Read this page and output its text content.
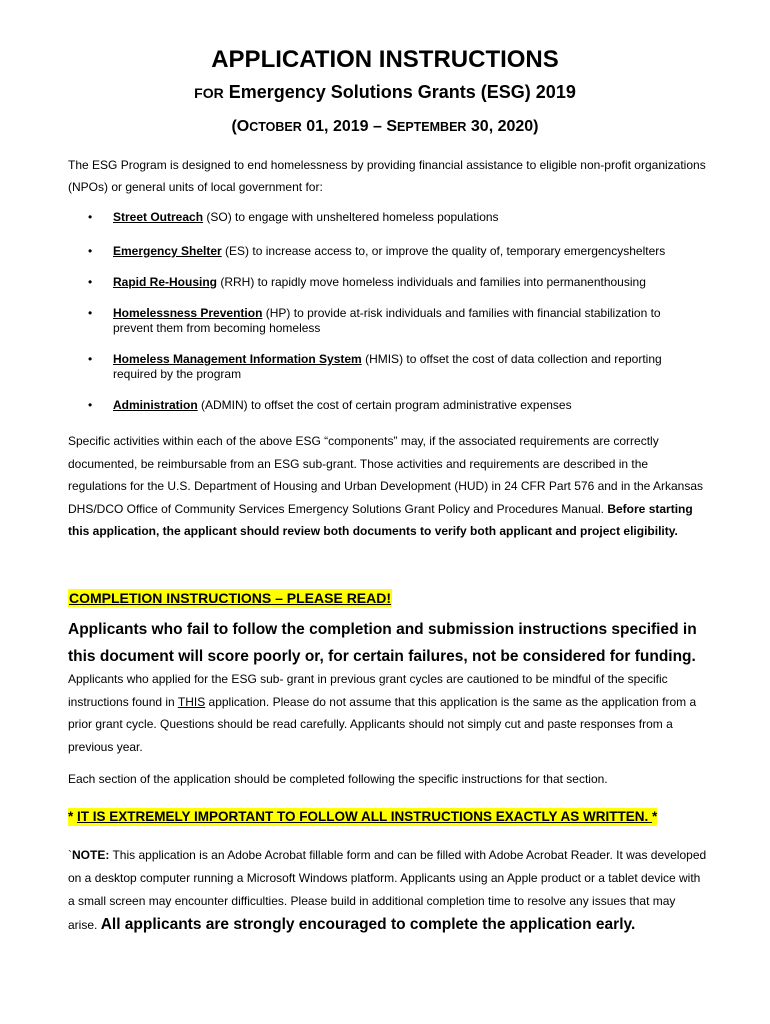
APPLICATION INSTRUCTIONS
FOR Emergency Solutions Grants (ESG) 2019
(OCTOBER 01, 2019 – SEPTEMBER 30, 2020)
The ESG Program is designed to end homelessness by providing financial assistance to eligible non-profit organizations (NPOs) or general units of local government for:
• Street Outreach (SO) to engage with unsheltered homeless populations
• Emergency Shelter (ES) to increase access to, or improve the quality of, temporary emergencyshelters
• Rapid Re-Housing (RRH) to rapidly move homeless individuals and families into permanenthousing
• Homelessness Prevention (HP) to provide at-risk individuals and families with financial stabilization to prevent them from becoming homeless
• Homeless Management Information System (HMIS) to offset the cost of data collection and reporting required by the program
• Administration (ADMIN) to offset the cost of certain program administrative expenses
Specific activities within each of the above ESG “components” may, if the associated requirements are correctly documented, be reimbursable from an ESG sub-grant. Those activities and requirements are described in the regulations for the U.S. Department of Housing and Urban Development (HUD) in 24 CFR Part 576 and in the Arkansas DHS/DCO Office of Community Services Emergency Solutions Grant Policy and Procedures Manual. Before starting this application, the applicant should review both documents to verify both applicant and project eligibility.
COMPLETION INSTRUCTIONS – PLEASE READ!
Applicants who fail to follow the completion and submission instructions specified in this document will score poorly or, for certain failures, not be considered for funding.
Applicants who applied for the ESG sub- grant in previous grant cycles are cautioned to be mindful of the specific instructions found in THIS application. Please do not assume that this application is the same as the application from a prior grant cycle. Questions should be read carefully. Applicants should not simply cut and paste responses from a previous year.
Each section of the application should be completed following the specific instructions for that section.
* IT IS EXTREMELY IMPORTANT TO FOLLOW ALL INSTRUCTIONS EXACTLY AS WRITTEN. *
`NOTE: This application is an Adobe Acrobat fillable form and can be filled with Adobe Acrobat Reader. It was developed on a desktop computer running a Microsoft Windows platform. Applicants using an Apple product or a tablet device with a small screen may encounter difficulties. Please build in additional completion time to resolve any issues that may arise. All applicants are strongly encouraged to complete the application early.
